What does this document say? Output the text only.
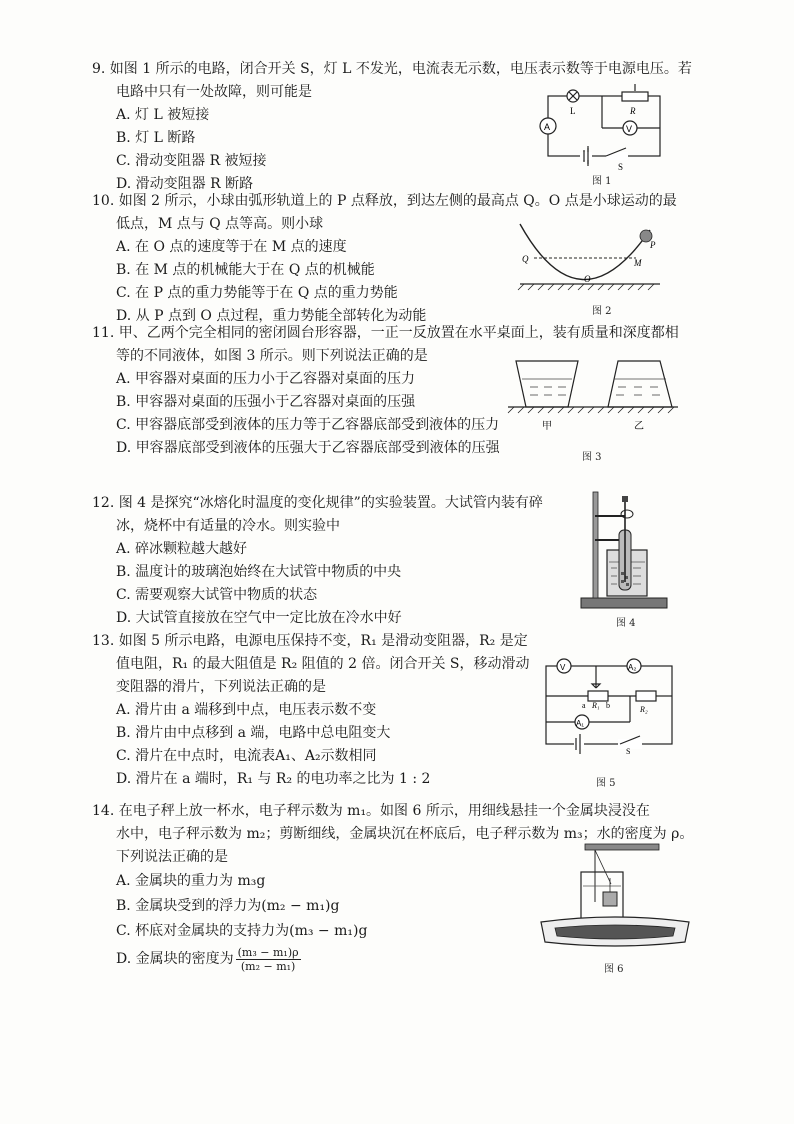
9. 如图 1 所示的电路，闭合开关 S，灯 L 不发光，电流表无示数，电压表示数等于电源电压。若

电路中只有一处故障，则可能是

A. 灯 L 被短接

B. 灯 L 断路

C. 滑动变阻器 R 被短接

D. 滑动变阻器 R 断路

A
L	R
V
S
图 1

10. 如图 2 所示，小球由弧形轨道上的 P 点释放，到达左侧的最高点 Q。O 点是小球运动的最

低点，M 点与 Q 点等高。则小球

A. 在 O 点的速度等于在 M 点的速度

B. 在 M 点的机械能大于在 Q 点的机械能

C. 在 P 点的重力势能等于在 Q 点的重力势能

D. 从 P 点到 O 点过程，重力势能全部转化为动能

P
Q	M
O
图 2

11. 甲、乙两个完全相同的密闭圆台形容器，一正一反放置在水平桌面上，装有质量和深度都相

等的不同液体，如图 3 所示。则下列说法正确的是

A. 甲容器对桌面的压力小于乙容器对桌面的压力

B. 甲容器对桌面的压强小于乙容器对桌面的压强

C. 甲容器底部受到液体的压力等于乙容器底部受到液体的压力

D. 甲容器底部受到液体的压强大于乙容器底部受到液体的压强

甲	乙
图 3

12. 图 4 是探究“冰熔化时温度的变化规律”的实验装置。大试管内装有碎

冰，烧杯中有适量的冷水。则实验中

A. 碎冰颗粒越大越好

B. 温度计的玻璃泡始终在大试管中物质的中央

C. 需要观察大试管中物质的状态

D. 大试管直接放在空气中一定比放在冷水中好	图 4

13. 如图 5 所示电路，电源电压保持不变，R₁ 是滑动变阻器，R₂ 是定

值电阻，R₁ 的最大阻值是 R₂ 阻值的 2 倍。闭合开关 S，移动滑动

变阻器的滑片，下列说法正确的是

A. 滑片由 a 端移到中点，电压表示数不变

B. 滑片由中点移到 a 端，电路中总电阻变大

C. 滑片在中点时，电流表A₁、A₂示数相同

D. 滑片在 a 端时，R₁ 与 R₂ 的电功率之比为 1 : 2

V	A₂
A₁
a R₁ b	R₂
S
图 5

14. 在电子秤上放一杯水，电子秤示数为 m₁。如图 6 所示，用细线悬挂一个金属块浸没在

水中，电子秤示数为 m₂；剪断细线，金属块沉在杯底后，电子秤示数为 m₃；水的密度为 ρ。

下列说法正确的是

A. 金属块的重力为 m₃g

B. 金属块受到的浮力为(m₂ − m₁)g

C. 杯底对金属块的支持力为(m₃ − m₁)g

D. 金属块的密度为 $\frac{\text{(m₃ − m₁)ρ}}{\text{(m₂ − m₁)}}$	图 6
